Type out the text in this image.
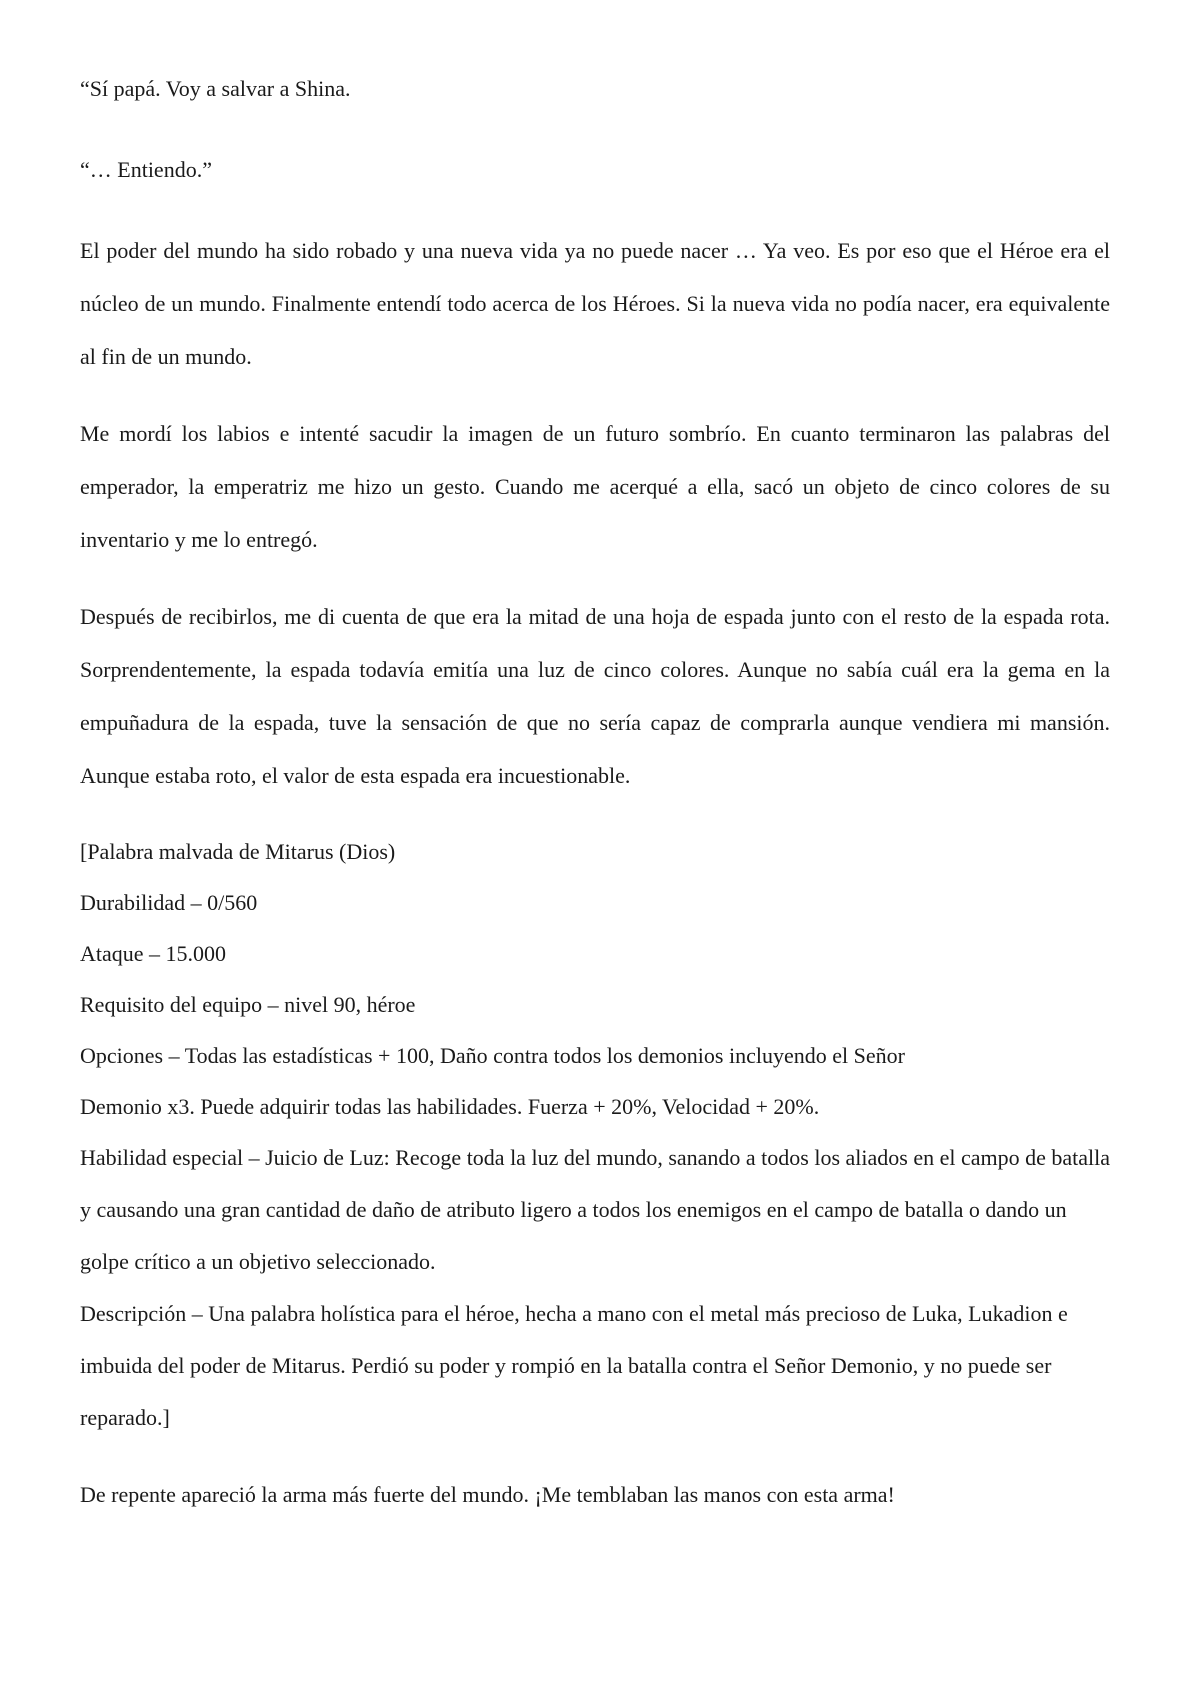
“Sí papá. Voy a salvar a Shina.

“… Entiendo.”

El poder del mundo ha sido robado y una nueva vida ya no puede nacer … Ya veo. Es por eso que el Héroe era el núcleo de un mundo. Finalmente entendí todo acerca de los Héroes. Si la nueva vida no podía nacer, era equivalente al fin de un mundo.

Me mordí los labios e intenté sacudir la imagen de un futuro sombrío. En cuanto terminaron las palabras del emperador, la emperatriz me hizo un gesto. Cuando me acerqué a ella, sacó un objeto de cinco colores de su inventario y me lo entregó.

Después de recibirlos, me di cuenta de que era la mitad de una hoja de espada junto con el resto de la espada rota. Sorprendentemente, la espada todavía emitía una luz de cinco colores. Aunque no sabía cuál era la gema en la empuñadura de la espada, tuve la sensación de que no sería capaz de comprarla aunque vendiera mi mansión. Aunque estaba roto, el valor de esta espada era incuestionable.

[Palabra malvada de Mitarus (Dios)

Durabilidad – 0/560

Ataque – 15.000

Requisito del equipo – nivel 90, héroe

Opciones – Todas las estadísticas + 100, Daño contra todos los demonios incluyendo el Señor

Demonio x3. Puede adquirir todas las habilidades. Fuerza + 20%, Velocidad + 20%.

Habilidad especial – Juicio de Luz: Recoge toda la luz del mundo, sanando a todos los aliados en el campo de batalla y causando una gran cantidad de daño de atributo ligero a todos los enemigos en el campo de batalla o dando un golpe crítico a un objetivo seleccionado.

Descripción – Una palabra holística para el héroe, hecha a mano con el metal más precioso de Luka, Lukadion e imbuida del poder de Mitarus. Perdió su poder y rompió en la batalla contra el Señor Demonio, y no puede ser reparado.]

De repente apareció la arma más fuerte del mundo. ¡Me temblaban las manos con esta arma!
